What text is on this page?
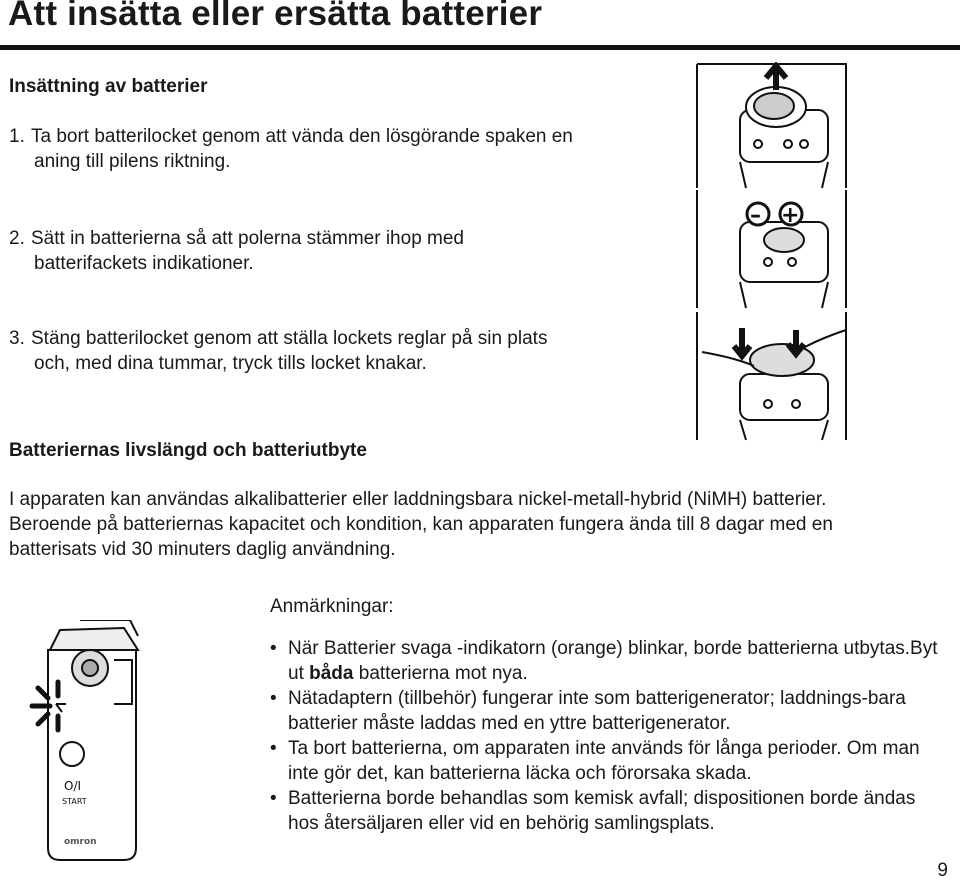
Att insätta eller ersätta batterier
Insättning av batterier
1. Ta bort batterilocket genom att vända den lösgörande spaken en
aning till pilens riktning.
2. Sätt in batterierna så att polerna stämmer ihop med
batterifackets indikationer.
3. Stäng batterilocket genom att ställa lockets reglar på sin plats
och, med dina tummar, tryck tills locket knakar.
Batteriernas livslängd och batteriutbyte
I apparaten kan användas alkalibatterier eller laddningsbara nickel-metall-hybrid (NiMH) batterier.
Beroende på batteriernas kapacitet och kondition, kan apparaten fungera ända till 8 dagar med en
batterisats vid 30 minuters daglig användning.
Anmärkningar:
• När Batterier svaga -indikatorn (orange) blinkar, borde batterierna utbytas.Byt ut båda batterierna mot nya.
• Nätadaptern (tillbehör) fungerar inte som batterigenerator; laddnings-bara batterier måste laddas med en yttre batterigenerator.
• Ta bort batterierna, om apparaten inte används för långa perioder. Om man inte gör det, kan batterierna läcka och förorsaka skada.
• Batterierna borde behandlas som kemisk avfall; dispositionen borde ändas hos återsäljaren eller vid en behörig samlingsplats.
9
– +
O/I
START
omron
